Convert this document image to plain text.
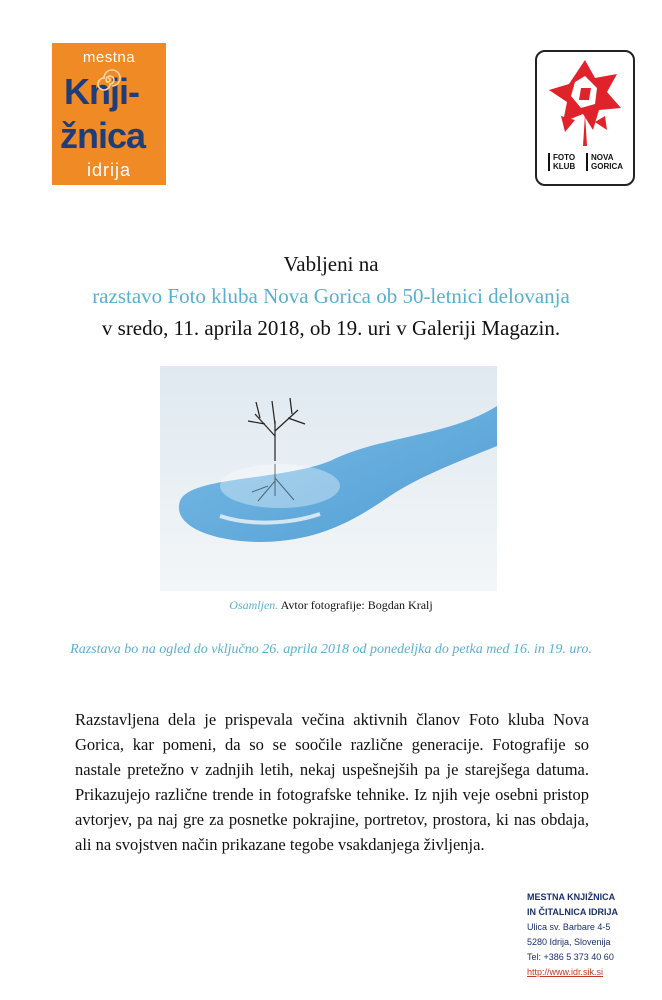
mestna
Knji-
žnica
idrija
FOTO
KLUB
NOVA
GORICA
Vabljeni na
razstavo Foto kluba Nova Gorica ob 50-letnici delovanja
v sredo, 11. aprila 2018, ob 19. uri v Galeriji Magazin.
Osamljen. Avtor fotografije: Bogdan Kralj
Razstava bo na ogled do vključno 26. aprila 2018 od ponedeljka do petka med 16. in 19. uro.
Razstavljena dela je prispevala večina aktivnih članov Foto kluba Nova Gorica, kar pomeni, da so se soočile različne generacije. Fotografije so nastale pretežno v zadnjih letih, nekaj uspešnejših pa je starejšega datuma. Prikazujejo različne trende in fotografske tehnike. Iz njih veje osebni pristop avtorjev, pa naj gre za posnetke pokrajine, portretov, prostora, ki nas obdaja, ali na svojstven način prikazane tegobe vsakdanjega življenja.
MESTNA KNJIŽNICA
IN ČITALNICA IDRIJA
Ulica sv. Barbare 4-5
5280 Idrija, Slovenija
Tel: +386 5 373 40 60
http://www.idr.sik.si
